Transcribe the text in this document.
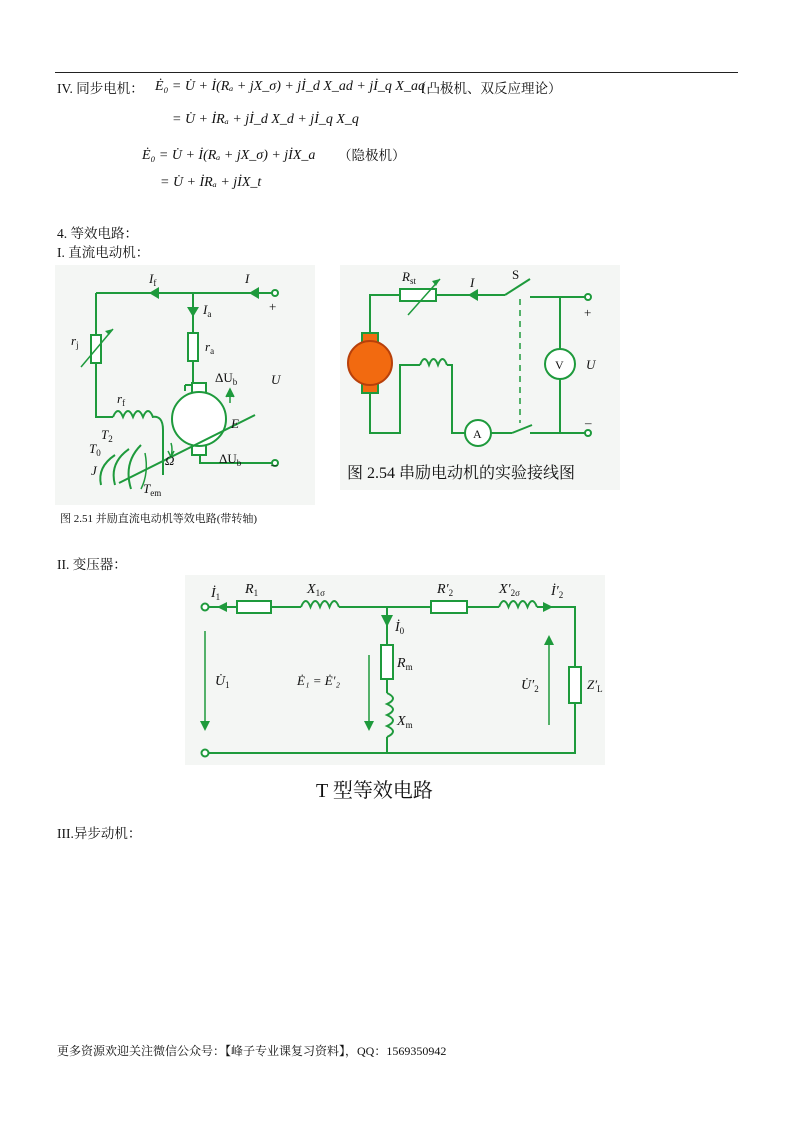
IV. 同步电机： Ė₀ = U̇ + İ(Rₐ + jX_σ) + jİ_d X_ad + jİ_q X_aq
（凸极机、双反应理论）
= U̇ + İRₐ + jİ_d X_d + jİ_q X_q
Ė₀ = U̇ + İ(Rₐ + jX_σ) + jİX_a （隐极机）
= U̇ + İRₐ + jİX_t
4. 等效电路：
I. 直流电动机：
$I_f$	I
$I_a$	+
$r_j$	$r_a$
$\Delta U_b$	U
$r_f$
E
$T_2$
$T_0$	Ω	$\Delta U_b$
J	–
$T_{em}$
图 2.51 并励直流电动机等效电路(带转轴)
$R_{st}$	I
S
+
V U
A
–
图 2.54 串励电动机的实验接线图
II. 变压器：
$İ_1$ $R_1$	$X_{1\sigma}$	$R'_2$	$X'_{2\sigma}$ $İ'_2$
$İ_0$
$U̇_1$
$R_m$
Ė₁ = Ė′₂
$X_m$
$U̇'_2$	$Z'_L$
T 型等效电路
III.异步动机：
更多资源欢迎关注微信公众号：【峰子专业课复习资料】，QQ：1569350942
